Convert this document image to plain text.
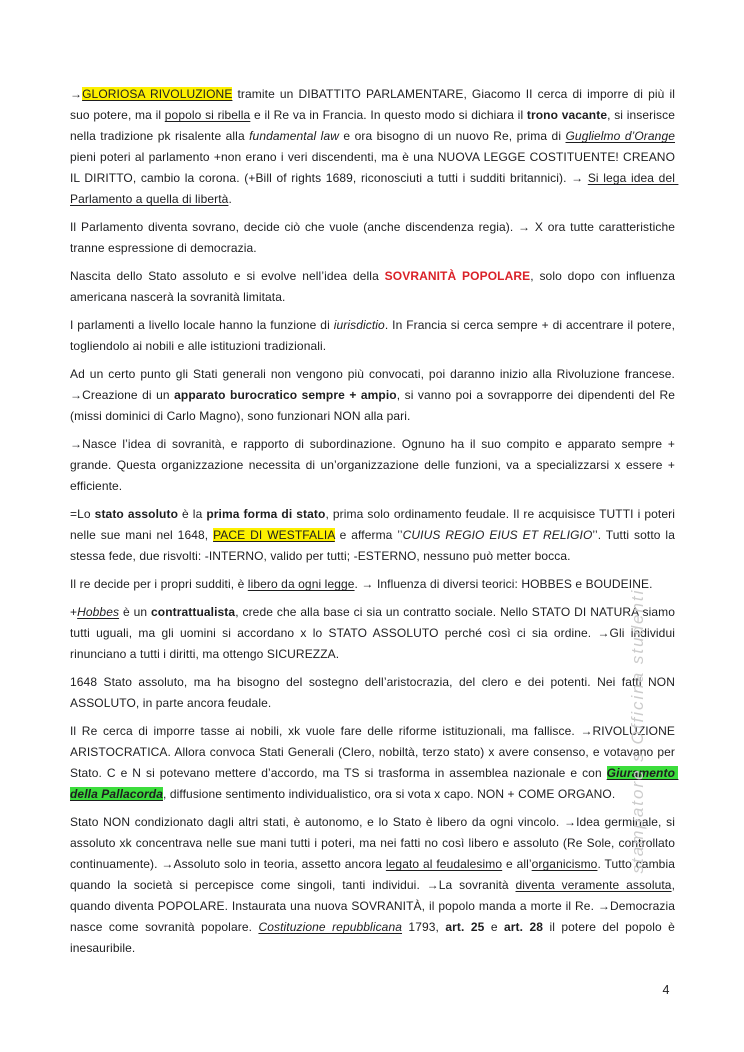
→GLORIOSA RIVOLUZIONE tramite un DIBATTITO PARLAMENTARE, Giacomo II cerca di imporre di più il suo potere, ma il popolo si ribella e il Re va in Francia. In questo modo si dichiara il trono vacante, si inserisce nella tradizione pk risalente alla fundamental law e ora bisogno di un nuovo Re, prima di Guglielmo d’Orange pieni poteri al parlamento +non erano i veri discendenti, ma è una NUOVA LEGGE COSTITUENTE! CREANO IL DIRITTO, cambio la corona. (+Bill of rights 1689, riconosciuti a tutti i sudditi britannici). → Si lega idea del Parlamento a quella di libertà.

Il Parlamento diventa sovrano, decide ciò che vuole (anche discendenza regia). → X ora tutte caratteristiche tranne espressione di democrazia.

Nascita dello Stato assoluto e si evolve nell’idea della SOVRANITÀ POPOLARE, solo dopo con influenza americana nascerà la sovranità limitata.

I parlamenti a livello locale hanno la funzione di iurisdictio. In Francia si cerca sempre + di accentrare il potere, togliendolo ai nobili e alle istituzioni tradizionali.

Ad un certo punto gli Stati generali non vengono più convocati, poi daranno inizio alla Rivoluzione francese. →Creazione di un apparato burocratico sempre + ampio, si vanno poi a sovrapporre dei dipendenti del Re (missi dominici di Carlo Magno), sono funzionari NON alla pari.

→Nasce l’idea di sovranità, e rapporto di subordinazione. Ognuno ha il suo compito e apparato sempre + grande. Questa organizzazione necessita di un’organizzazione delle funzioni, va a specializzarsi x essere + efficiente.

=Lo stato assoluto è la prima forma di stato, prima solo ordinamento feudale. Il re acquisisce TUTTI i poteri nelle sue mani nel 1648, PACE DI WESTFALIA e afferma ’’CUIUS REGIO EIUS ET RELIGIO’’. Tutti sotto la stessa fede, due risvolti: -INTERNO, valido per tutti; -ESTERNO, nessuno può metter bocca.

Il re decide per i propri sudditi, è libero da ogni legge. → Influenza di diversi teorici: HOBBES e BOUDEINE.

+Hobbes è un contrattualista, crede che alla base ci sia un contratto sociale. Nello STATO DI NATURA siamo tutti uguali, ma gli uomini si accordano x lo STATO ASSOLUTO perché così ci sia ordine. →Gli individui rinunciano a tutti i diritti, ma ottengo SICUREZZA.

1648 Stato assoluto, ma ha bisogno del sostegno dell’aristocrazia, del clero e dei potenti. Nei fatti NON ASSOLUTO, in parte ancora feudale.

Il Re cerca di imporre tasse ai nobili, xk vuole fare delle riforme istituzionali, ma fallisce. →RIVOLUZIONE ARISTOCRATICA. Allora convoca Stati Generali (Clero, nobiltà, terzo stato) x avere consenso, e votavano per Stato. C e N si potevano mettere d’accordo, ma TS si trasforma in assemblea nazionale e con Giuramento della Pallacorda, diffusione sentimento individualistico, ora si vota x capo. NON + COME ORGANO.

Stato NON condizionato dagli altri stati, è autonomo, e lo Stato è libero da ogni vincolo. →Idea germinale, si assoluto xk concentrava nelle sue mani tutti i poteri, ma nei fatti no così libero e assoluto (Re Sole, controllato continuamente). →Assoluto solo in teoria, assetto ancora legato al feudalesimo e all’organicismo. Tutto cambia quando la società si percepisce come singoli, tanti individui. →La sovranità diventa veramente assoluta, quando diventa POPOLARE. Instaurata una nuova SOVRANITÀ, il popolo manda a morte il Re. →Democrazia nasce come sovranità popolare. Costituzione repubblicana 1793, art. 25 e art. 28 il potere del popolo è inesauribile.

stampatore s Officina studenti
4
